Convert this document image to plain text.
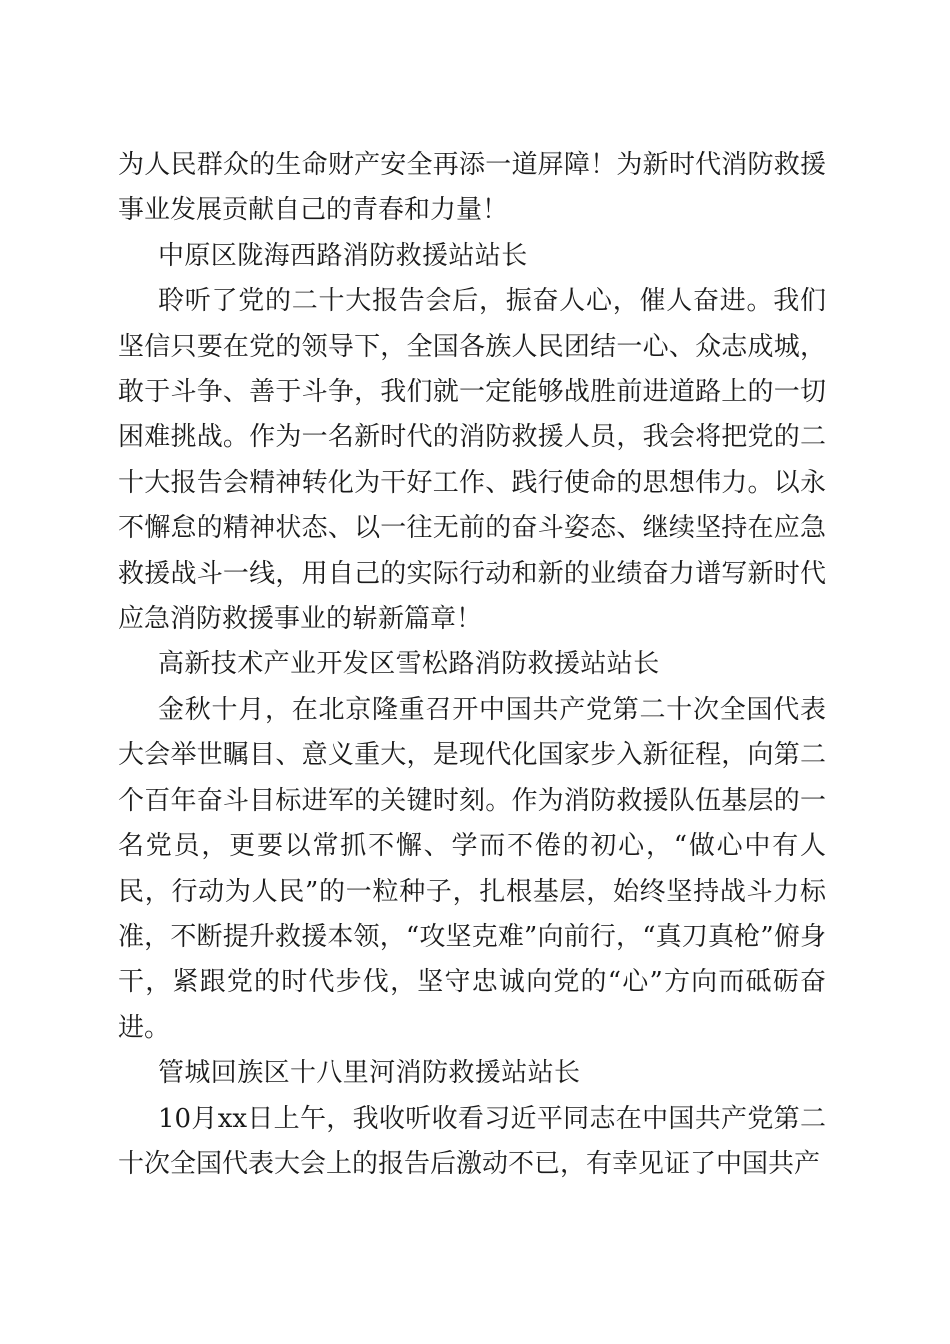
为人民群众的生命财产安全再添一道屏障！为新时代消防救援事业发展贡献自己的青春和力量！

中原区陇海西路消防救援站站长

聆听了党的二十大报告会后，振奋人心，催人奋进。我们坚信只要在党的领导下，全国各族人民团结一心、众志成城，敢于斗争、善于斗争，我们就一定能够战胜前进道路上的一切困难挑战。作为一名新时代的消防救援人员，我会将把党的二十大报告会精神转化为干好工作、践行使命的思想伟力。以永不懈怠的精神状态、以一往无前的奋斗姿态、继续坚持在应急救援战斗一线，用自己的实际行动和新的业绩奋力谱写新时代应急消防救援事业的崭新篇章！

高新技术产业开发区雪松路消防救援站站长

金秋十月，在北京隆重召开中国共产党第二十次全国代表大会举世瞩目、意义重大，是现代化国家步入新征程，向第二个百年奋斗目标进军的关键时刻。作为消防救援队伍基层的一名党员，更要以常抓不懈、学而不倦的初心，“做心中有人民，行动为人民”的一粒种子，扎根基层，始终坚持战斗力标准，不断提升救援本领，“攻坚克难”向前行，“真刀真枪”俯身干，紧跟党的时代步伐，坚守忠诚向党的“心”方向而砥砺奋进。

管城回族区十八里河消防救援站站长

10月xx日上午，我收听收看习近平同志在中国共产党第二十次全国代表大会上的报告后激动不已，有幸见证了中国共产
